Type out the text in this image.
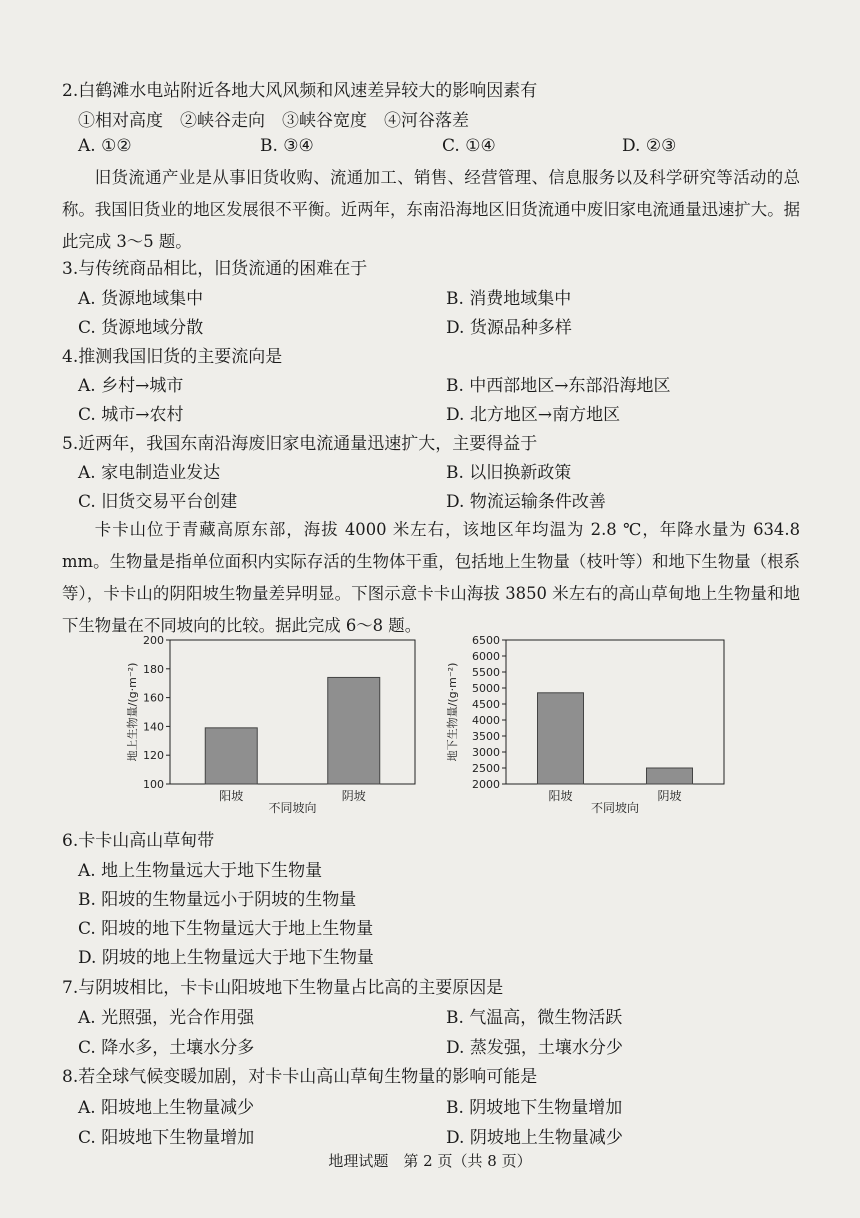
2.白鹤滩水电站附近各地大风风频和风速差异较大的影响因素有
①相对高度　②峡谷走向　③峡谷宽度　④河谷落差
A. ①②	B. ③④	C. ①④	D. ②③
旧货流通产业是从事旧货收购、流通加工、销售、经营管理、信息服务以及科学研究等活动的总称。我国旧货业的地区发展很不平衡。近两年，东南沿海地区旧货流通中废旧家电流通量迅速扩大。据此完成 3～5 题。
3.与传统商品相比，旧货流通的困难在于
A. 货源地域集中	B. 消费地域集中
C. 货源地域分散	D. 货源品种多样
4.推测我国旧货的主要流向是
A. 乡村→城市	B. 中西部地区→东部沿海地区
C. 城市→农村	D. 北方地区→南方地区
5.近两年，我国东南沿海废旧家电流通量迅速扩大，主要得益于
A. 家电制造业发达	B. 以旧换新政策
C. 旧货交易平台创建	D. 物流运输条件改善
卡卡山位于青藏高原东部，海拔 4000 米左右，该地区年均温为 2.8 ℃，年降水量为 634.8 mm。生物量是指单位面积内实际存活的生物体干重，包括地上生物量（枝叶等）和地下生物量（根系等），卡卡山的阴阳坡生物量差异明显。下图示意卡卡山海拔 3850 米左右的高山草甸地上生物量和地下生物量在不同坡向的比较。据此完成 6～8 题。
100
120
140
160
180
200
阳坡	阴坡
不同坡向
地上生物量/(g·m⁻²)
2000
2500
3000
3500
4000
4500
5000
5500
6000
6500
阳坡	阴坡
不同坡向
地下生物量/(g·m⁻²)
6.卡卡山高山草甸带
A. 地上生物量远大于地下生物量
B. 阳坡的生物量远小于阴坡的生物量
C. 阳坡的地下生物量远大于地上生物量
D. 阴坡的地上生物量远大于地下生物量
7.与阴坡相比，卡卡山阳坡地下生物量占比高的主要原因是
A. 光照强，光合作用强	B. 气温高，微生物活跃
C. 降水多，土壤水分多	D. 蒸发强，土壤水分少
8.若全球气候变暖加剧，对卡卡山高山草甸生物量的影响可能是
A. 阳坡地上生物量减少	B. 阴坡地下生物量增加
C. 阳坡地下生物量增加	D. 阴坡地上生物量减少
地理试题　第 2 页（共 8 页）
